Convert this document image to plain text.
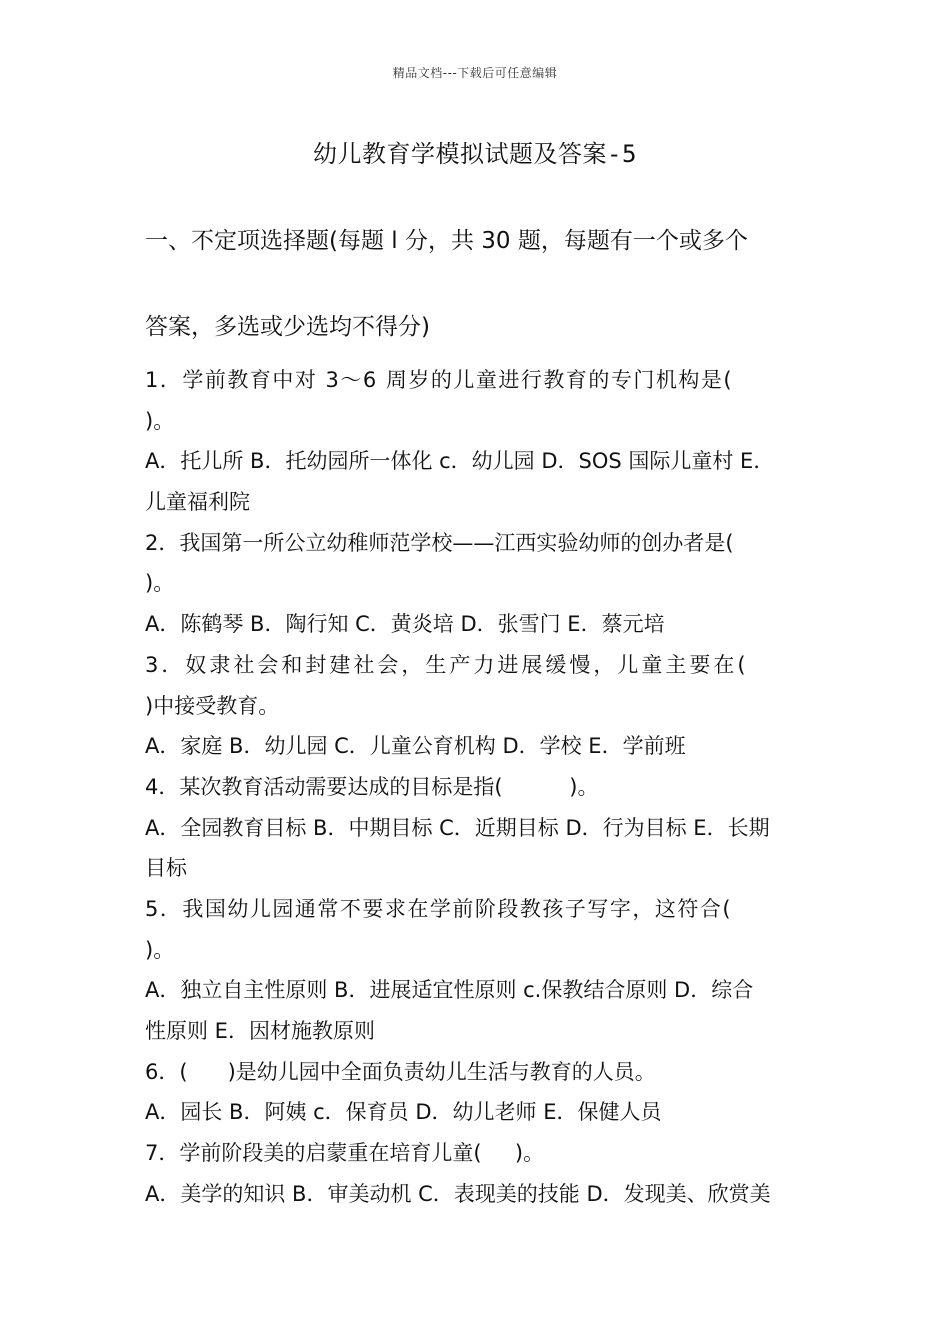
精品文档---下载后可任意编辑
幼儿教育学模拟试题及答案-5
一、不定项选择题(每题 l 分，共 30 题，每题有一个或多个
答案，多选或少选均不得分)
1．学前教育中对 3～6 周岁的儿童进行教育的专门机构是(
)。
A．托儿所 B．托幼园所一体化 c．幼儿园 D．SOS 国际儿童村 E．
儿童福利院
2．我国第一所公立幼稚师范学校——江西实验幼师的创办者是(
)。
A．陈鹤琴 B．陶行知 C．黄炎培 D．张雪门 E．蔡元培
3．奴隶社会和封建社会，生产力进展缓慢，儿童主要在(
)中接受教育。
A．家庭 B．幼儿园 C．儿童公育机构 D．学校 E．学前班
4．某次教育活动需要达成的目标是指(          )。
A．全园教育目标 B．中期目标 C．近期目标 D．行为目标 E．长期
目标
5．我国幼儿园通常不要求在学前阶段教孩子写字，这符合(
)。
A．独立自主性原则 B．进展适宜性原则 c.保教结合原则 D．综合
性原则 E．因材施教原则
6．(      )是幼儿园中全面负责幼儿生活与教育的人员。
A．园长 B．阿姨 c．保育员 D．幼儿老师 E．保健人员
7．学前阶段美的启蒙重在培育儿童(     )。
A．美学的知识 B．审美动机 C．表现美的技能 D．发现美、欣赏美
